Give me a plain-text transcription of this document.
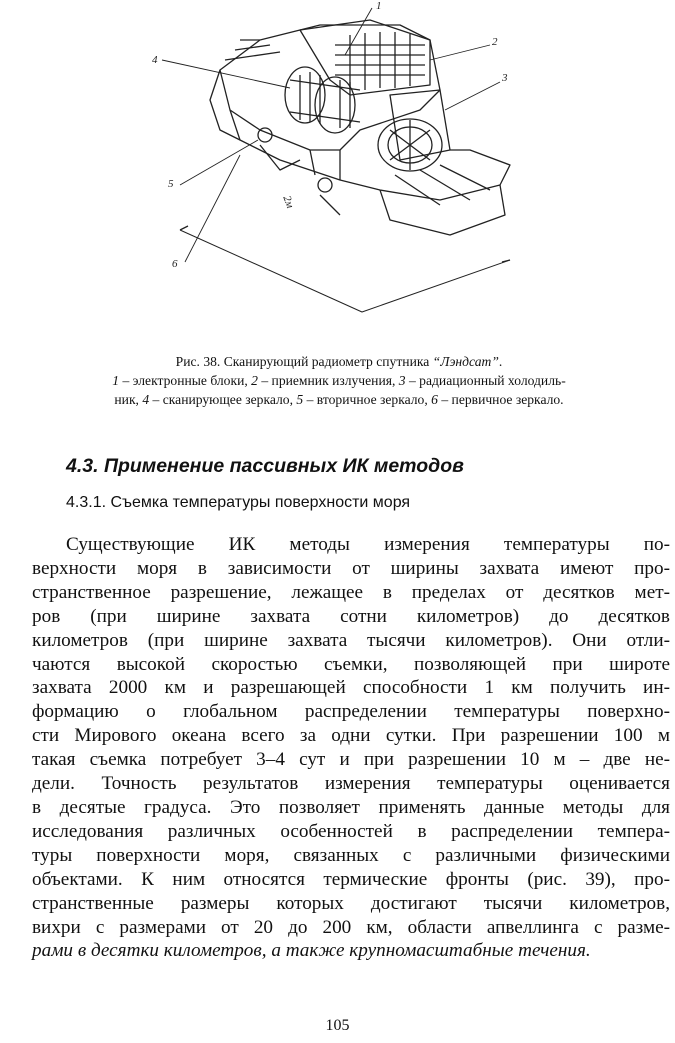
1
2
3
4
5
6
2м
Рис. 38. Сканирующий радиометр спутника “Лэндсат”.
1 – электронные блоки, 2 – приемник излучения, 3 – радиационный холодиль-
ник, 4 – сканирующее зеркало, 5 – вторичное зеркало, 6 – первичное зеркало.
4.3. Применение пассивных ИК методов
4.3.1. Съемка температуры поверхности моря
Существующие ИК методы измерения температуры по-
верхности моря в зависимости от ширины захвата имеют про-
странственное разрешение, лежащее в пределах от десятков мет-
ров (при ширине захвата сотни километров) до десятков
километров (при ширине захвата тысячи километров). Они отли-
чаются высокой скоростью съемки, позволяющей при широте
захвата 2000 км и разрешающей способности 1 км получить ин-
формацию о глобальном распределении температуры поверхно-
сти Мирового океана всего за одни сутки. При разрешении 100 м
такая съемка потребует 3–4 сут и при разрешении 10 м – две не-
дели. Точность результатов измерения температуры оценивается
в десятые градуса. Это позволяет применять данные методы для
исследования различных особенностей в распределении темпера-
туры поверхности моря, связанных с различными физическими
объектами. К ним относятся термические фронты (рис. 39), про-
странственные размеры которых достигают тысячи километров,
вихри с размерами от 20 до 200 км, области апвеллинга с разме-
рами в десятки километров, а также крупномасштабные течения.
105
